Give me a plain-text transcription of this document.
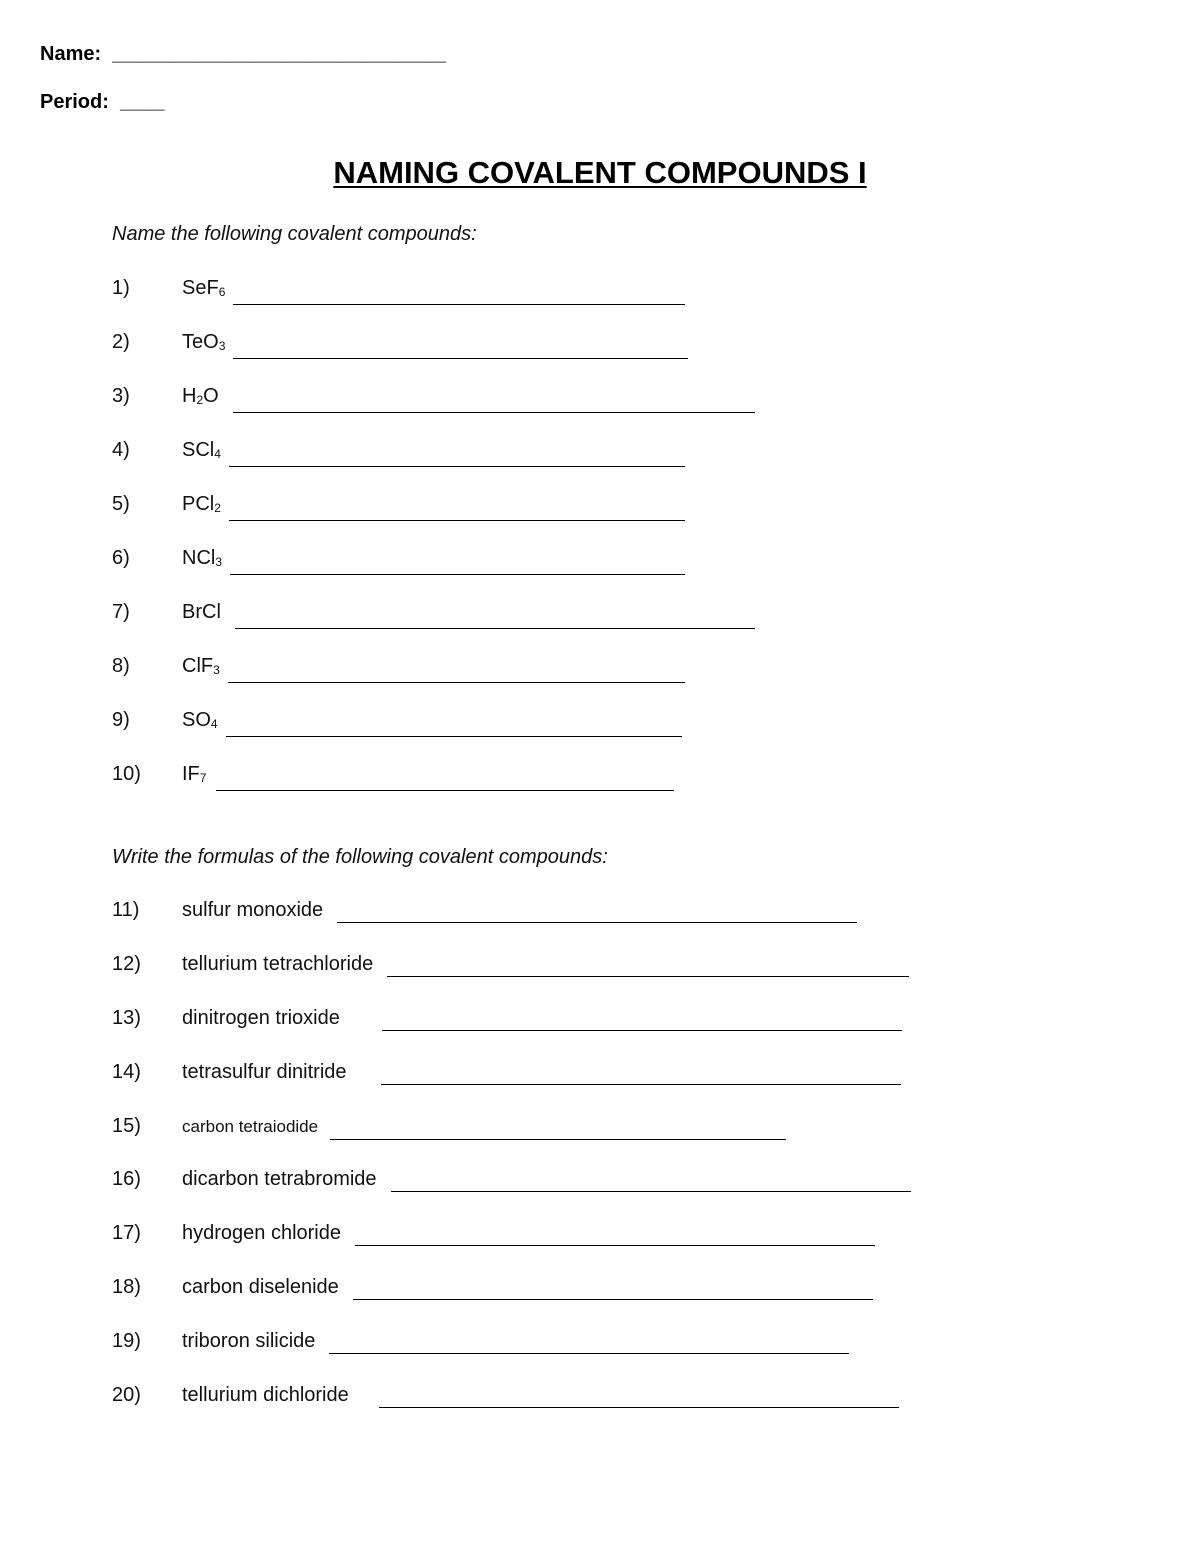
Name: ______________________________
Period: ____
NAMING COVALENT COMPOUNDS I
Name the following covalent compounds:
1)	SeF$_6$
2)	TeO$_3$
3)	$H_2O$
4)	SCl$_4$
5)	PCl$_2$
6)	NCl$_3$
7)	BrCl
8)	ClF$_3$
9)	$SO_4$
10) $IF_7$
Write the formulas of the following covalent compounds:
11) sulfur monoxide
12) tellurium tetrachloride
13) dinitrogen trioxide
14) tetrasulfur dinitride
15) carbon tetraiodide
16) dicarbon tetrabromide
17) hydrogen chloride
18) carbon diselenide
19) triboron silicide
20) tellurium dichloride
